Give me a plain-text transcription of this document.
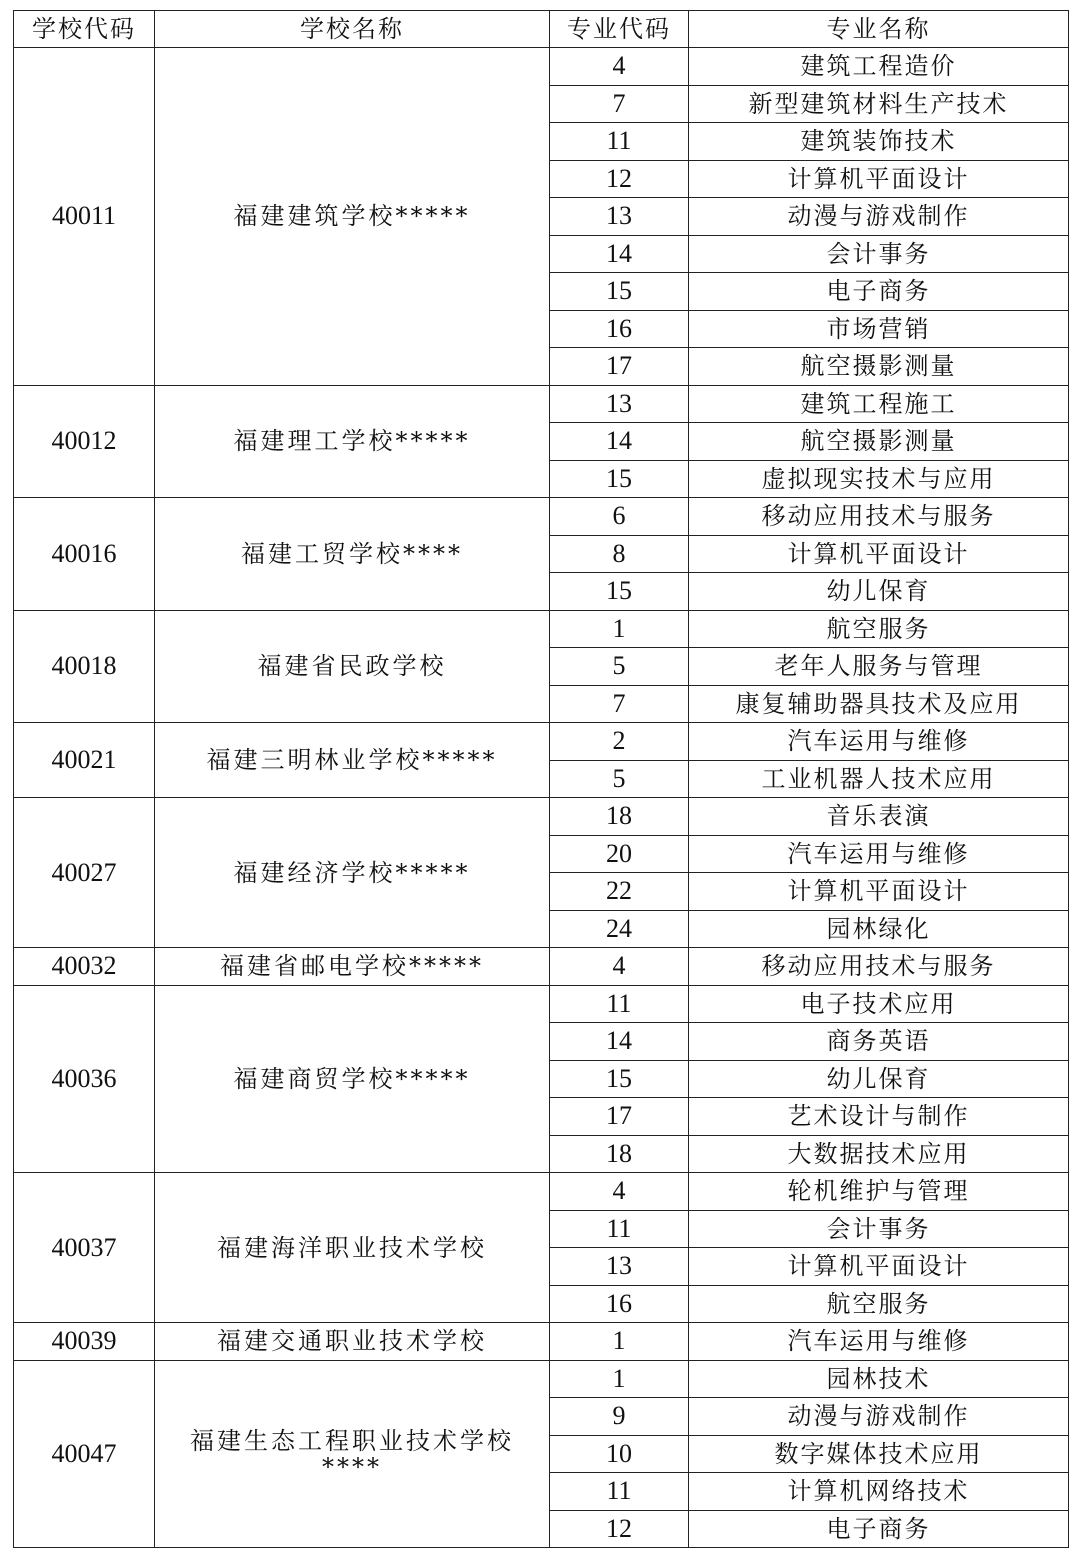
学校代码	学校名称	专业代码	专业名称
40011	福建建筑学校*****	4	建筑工程造价
		7	新型建筑材料生产技术
		11	建筑装饰技术
		12	计算机平面设计
		13	动漫与游戏制作
		14	会计事务
		15	电子商务
		16	市场营销
		17	航空摄影测量
40012	福建理工学校*****	13	建筑工程施工
		14	航空摄影测量
		15	虚拟现实技术与应用
40016	福建工贸学校****	6	移动应用技术与服务
		8	计算机平面设计
		15	幼儿保育
40018	福建省民政学校	1	航空服务
		5	老年人服务与管理
		7	康复辅助器具技术及应用
40021	福建三明林业学校*****	2	汽车运用与维修
		5	工业机器人技术应用
40027	福建经济学校*****	18	音乐表演
		20	汽车运用与维修
		22	计算机平面设计
		24	园林绿化
40032	福建省邮电学校*****	4	移动应用技术与服务
40036	福建商贸学校*****	11	电子技术应用
		14	商务英语
		15	幼儿保育
		17	艺术设计与制作
		18	大数据技术应用
40037	福建海洋职业技术学校	4	轮机维护与管理
		11	会计事务
		13	计算机平面设计
		16	航空服务
40039	福建交通职业技术学校	1	汽车运用与维修
40047	福建生态工程职业技术学校****	1	园林技术
		9	动漫与游戏制作
		10	数字媒体技术应用
		11	计算机网络技术
		12	电子商务
